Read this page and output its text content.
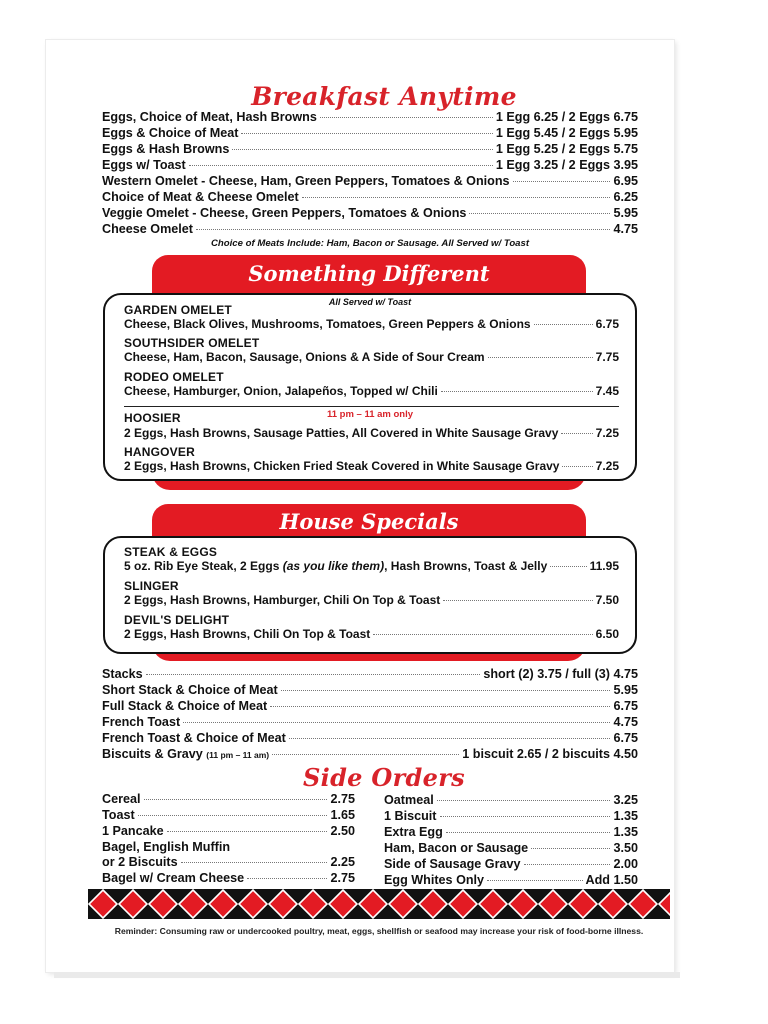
Breakfast Anytime
Eggs, Choice of Meat, Hash Browns	1 Egg 6.25 / 2 Eggs 6.75
Eggs & Choice of Meat	1 Egg 5.45 / 2 Eggs 5.95
Eggs & Hash Browns	1 Egg 5.25 / 2 Eggs 5.75
Eggs w/ Toast	1 Egg 3.25 / 2 Eggs 3.95
Western Omelet - Cheese, Ham, Green Peppers, Tomatoes & Onions	6.95
Choice of Meat & Cheese Omelet	6.25
Veggie Omelet - Cheese, Green Peppers, Tomatoes & Onions	5.95
Cheese Omelet	4.75
Choice of Meats Include: Ham, Bacon or Sausage. All Served w/ Toast
Something Different
All Served w/ Toast
GARDEN OMELET
Cheese, Black Olives, Mushrooms, Tomatoes, Green Peppers & Onions	6.75
SOUTHSIDER OMELET
Cheese, Ham, Bacon, Sausage, Onions & A Side of Sour Cream	7.75
RODEO OMELET
Cheese, Hamburger, Onion, Jalapeños, Topped w/ Chili	7.45
11 pm – 11 am only
HOOSIER
2 Eggs, Hash Browns, Sausage Patties, All Covered in White Sausage Gravy	7.25
HANGOVER
2 Eggs, Hash Browns, Chicken Fried Steak Covered in White Sausage Gravy	7.25
House Specials
STEAK & EGGS
5 oz. Rib Eye Steak, 2 Eggs (as you like them), Hash Browns, Toast & Jelly	11.95
SLINGER
2 Eggs, Hash Browns, Hamburger, Chili On Top & Toast	7.50
DEVIL'S DELIGHT
2 Eggs, Hash Browns, Chili On Top & Toast	6.50
Stacks	short (2) 3.75 / full (3) 4.75
Short Stack & Choice of Meat	5.95
Full Stack & Choice of Meat	6.75
French Toast	4.75
French Toast & Choice of Meat	6.75
Biscuits & Gravy (11 pm – 11 am)	1 biscuit 2.65 / 2 biscuits 4.50
Side Orders
Cereal	2.75
Toast	1.65
1 Pancake	2.50
Bagel, English Muffin
or 2 Biscuits	2.25
Bagel w/ Cream Cheese	2.75
Oatmeal	3.25
1 Biscuit	1.35
Extra Egg	1.35
Ham, Bacon or Sausage	3.50
Side of Sausage Gravy	2.00
Egg Whites Only	Add 1.50
Reminder: Consuming raw or undercooked poultry, meat, eggs, shellfish or seafood may increase your risk of food-borne illness.
